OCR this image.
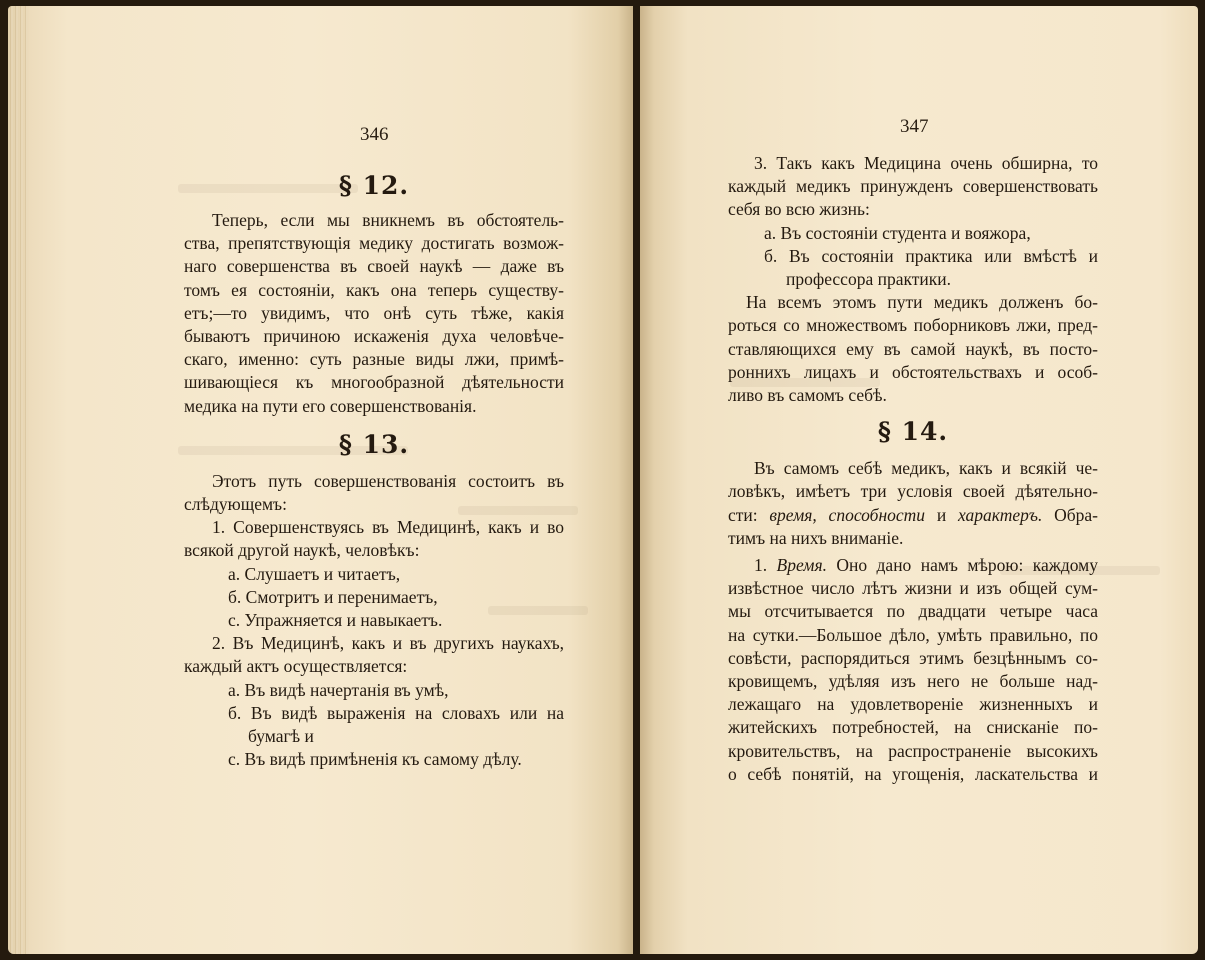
346
§ 12.
Теперь, если мы вникнемъ въ обстоятель-
ства, препятствующія медику достигать возмож-
наго совершенства въ своей наукѣ — даже въ
томъ ея состояніи, какъ она теперь существу-
етъ;—то увидимъ, что онѣ суть тѣже, какія
бываютъ причиною искаженія духа человѣче-
скаго, именно: суть разные виды лжи, примѣ-
шивающіеся къ многообразной дѣятельности
медика на пути его совершенствованія.
§ 13.
Этотъ путь совершенствованія состоитъ въ
слѣдующемъ:
1. Совершенствуясь въ Медицинѣ, какъ и во
всякой другой наукѣ, человѣкъ:
a. Слушаетъ и читаетъ,
б. Смотритъ и перенимаетъ,
c. Упражняется и навыкаетъ.
2. Въ Медицинѣ, какъ и въ другихъ наукахъ,
каждый актъ осуществляется:
a. Въ видѣ начертанія въ умѣ,
б. Въ видѣ выраженія на словахъ или на
бумагѣ и
c. Въ видѣ примѣненія къ самому дѣлу.
347
3. Такъ какъ Медицина очень обширна, то
каждый медикъ принужденъ совершенствовать
себя во всю жизнь:
a. Въ состояніи студента и вояжора,
б. Въ состояніи практика или вмѣстѣ и
профессора практики.
На всемъ этомъ пути медикъ долженъ бо-
роться со множествомъ поборниковъ лжи, пред-
ставляющихся ему въ самой наукѣ, въ посто-
роннихъ лицахъ и обстоятельствахъ и особ-
ливо въ самомъ себѣ.
§ 14.
Въ самомъ себѣ медикъ, какъ и всякій че-
ловѣкъ, имѣетъ три условія своей дѣятельно-
сти: время, способности и характеръ. Обра-
тимъ на нихъ вниманіе.
1. Время. Оно дано намъ мѣрою: каждому
извѣстное число лѣтъ жизни и изъ общей сум-
мы отсчитывается по двадцати четыре часа
на сутки.—Большое дѣло, умѣть правильно, по
совѣсти, распорядиться этимъ безцѣннымъ со-
кровищемъ, удѣляя изъ него не больше над-
лежащаго на удовлетвореніе жизненныхъ и
житейскихъ потребностей, на снисканіе по-
кровительствъ, на распространеніе высокихъ
о себѣ понятій, на угощенія, ласкательства и
